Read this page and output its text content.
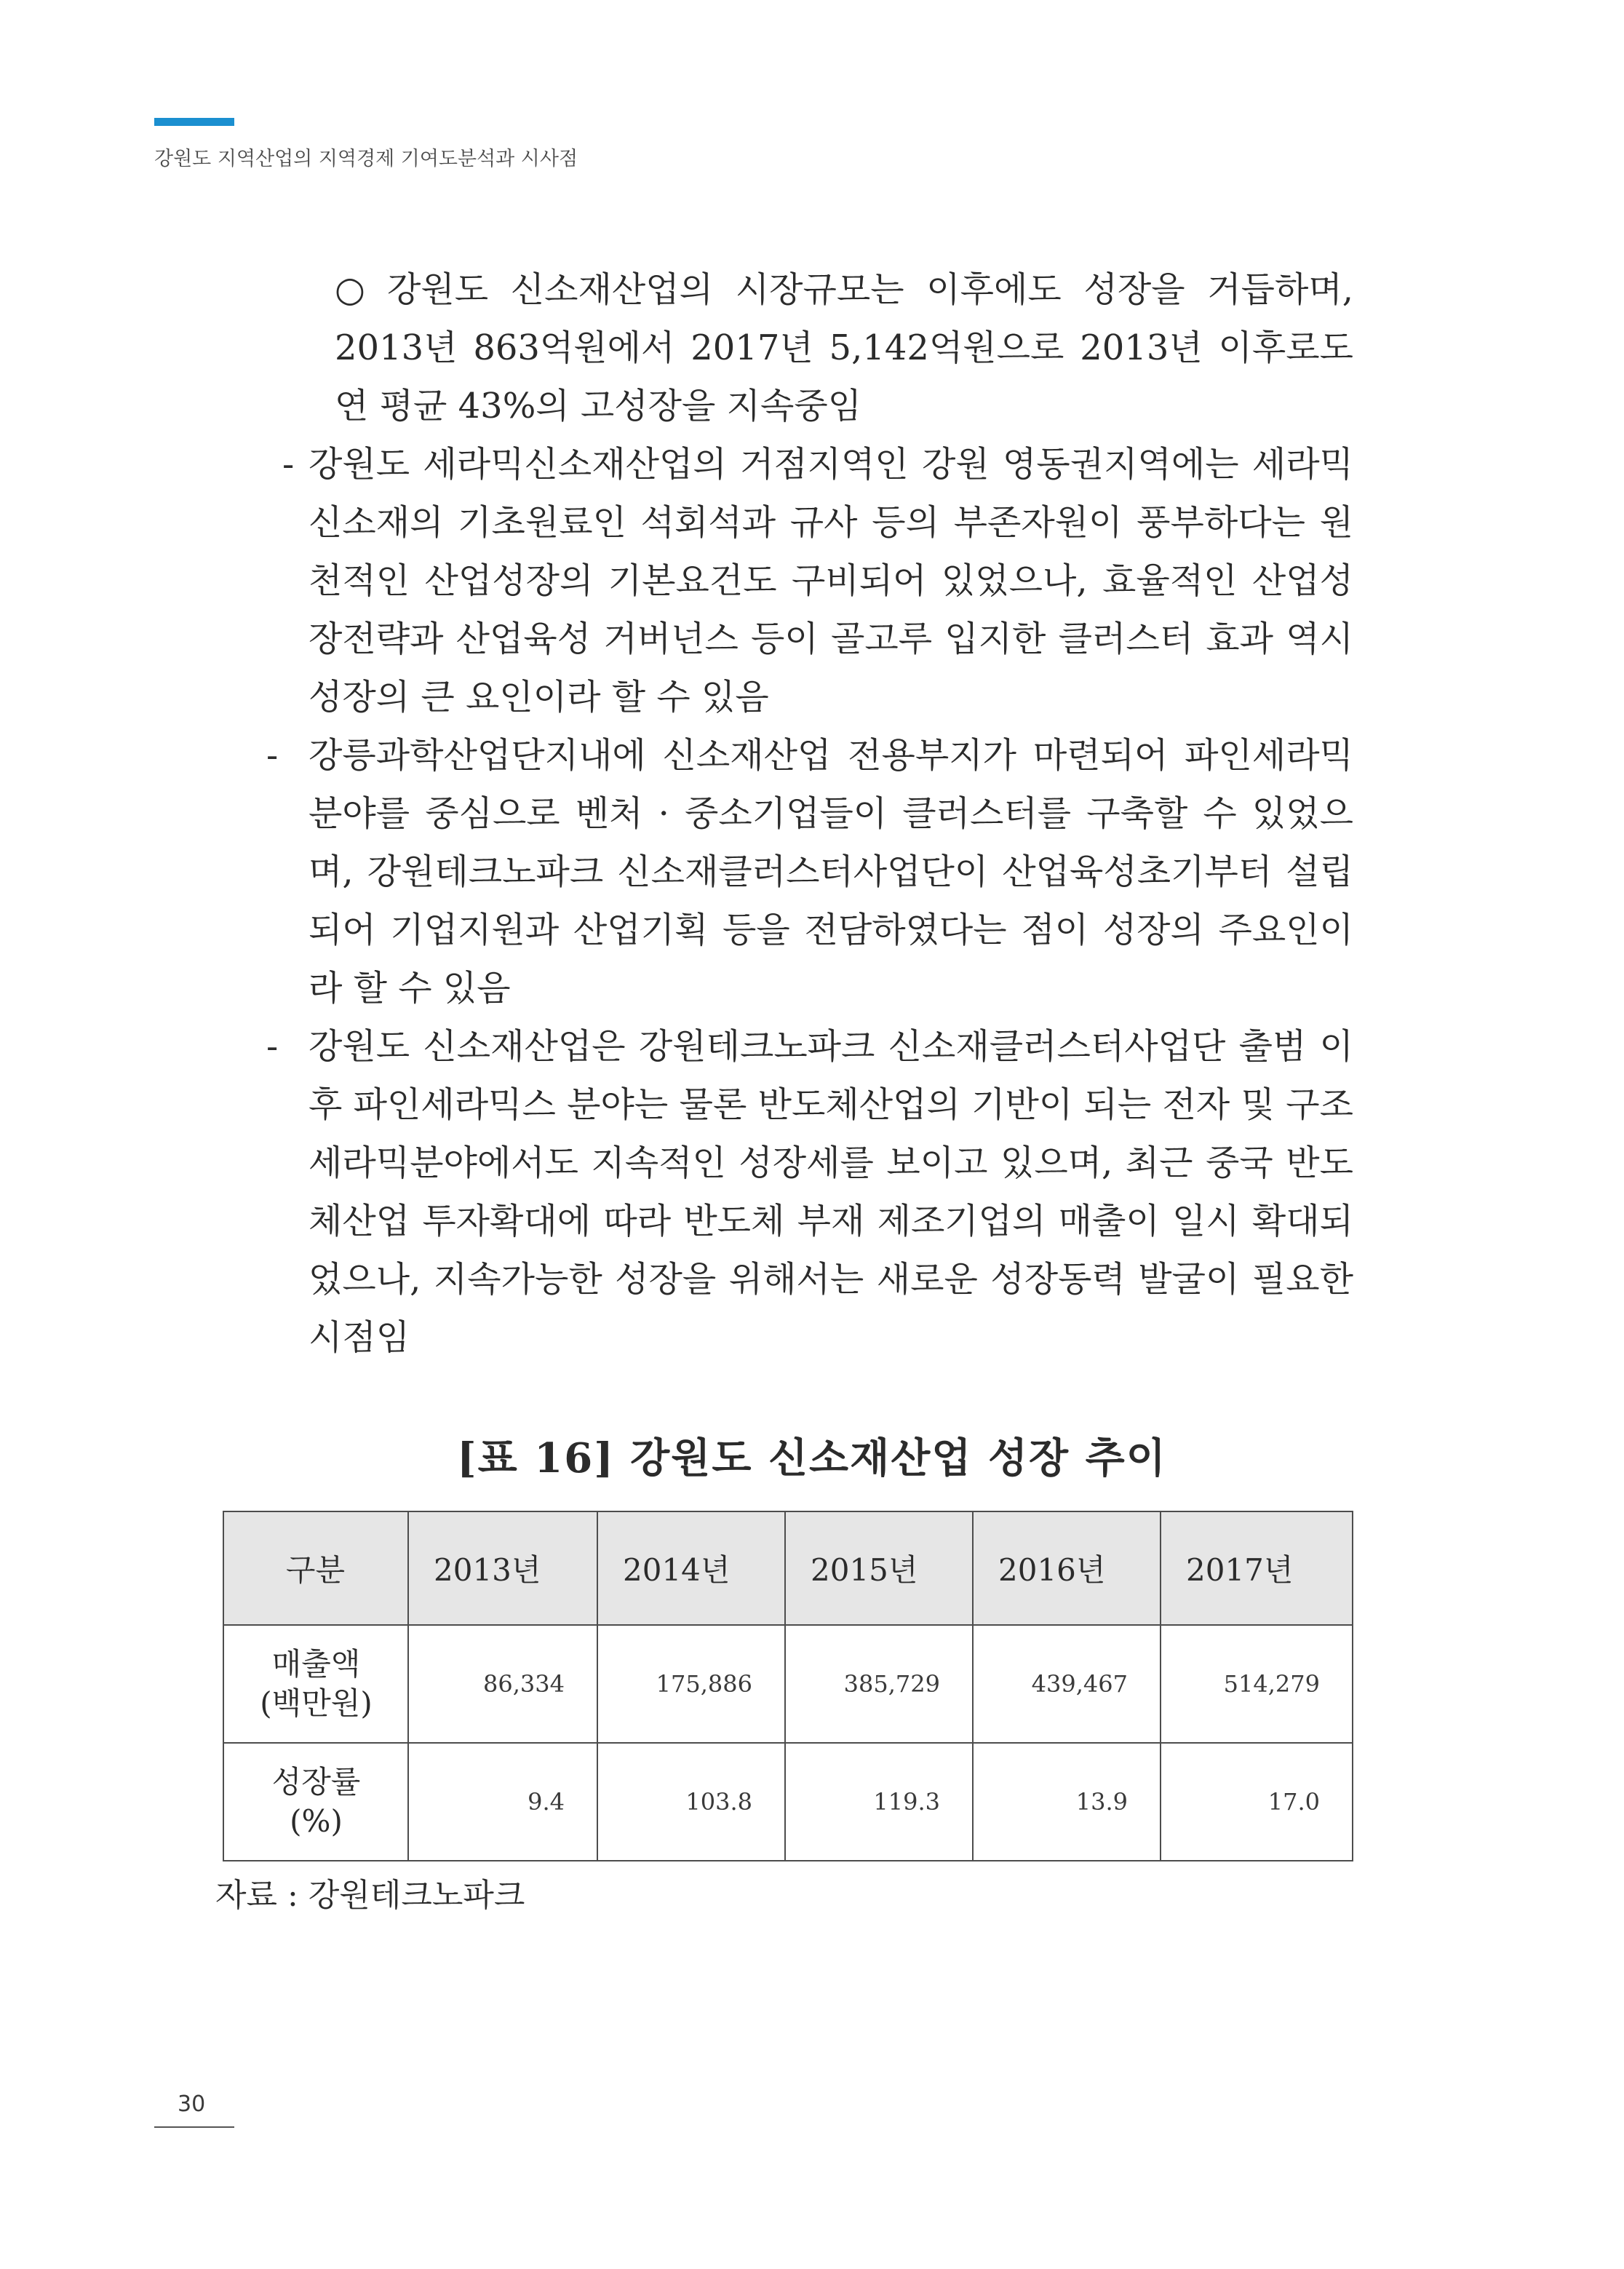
강원도 지역산업의 지역경제 기여도분석과 시사점

○ 강원도 신소재산업의 시장규모는 이후에도 성장을 거듭하며, 2013년 863억원에서 2017년 5,142억원으로 2013년 이후로도 연 평균 43%의 고성장을 지속중임

- 강원도 세라믹신소재산업의 거점지역인 강원 영동권지역에는 세라믹 신소재의 기초원료인 석회석과 규사 등의 부존자원이 풍부하다는 원천적인 산업성장의 기본요건도 구비되어 있었으나, 효율적인 산업성장전략과 산업육성 거버넌스 등이 골고루 입지한 클러스터 효과 역시 성장의 큰 요인이라 할 수 있음

- 강릉과학산업단지내에 신소재산업 전용부지가 마련되어 파인세라믹 분야를 중심으로 벤처 · 중소기업들이 클러스터를 구축할 수 있었으며, 강원테크노파크 신소재클러스터사업단이 산업육성초기부터 설립되어 기업지원과 산업기획 등을 전담하였다는 점이 성장의 주요인이라 할 수 있음

- 강원도 신소재산업은 강원테크노파크 신소재클러스터사업단 출범 이후 파인세라믹스 분야는 물론 반도체산업의 기반이 되는 전자 및 구조세라믹분야에서도 지속적인 성장세를 보이고 있으며, 최근 중국 반도체산업 투자확대에 따라 반도체 부재 제조기업의 매출이 일시 확대되었으나, 지속가능한 성장을 위해서는 새로운 성장동력 발굴이 필요한 시점임

[표 16] 강원도 신소재산업 성장 추이
구분	2013년	2014년	2015년	2016년	2017년

매출액
(백만원)	86,334	175,886	385,729	439,467	514,279

성장률
(%)	9.4	103.8	119.3	13.9	17.0
자료 : 강원테크노파크
30
